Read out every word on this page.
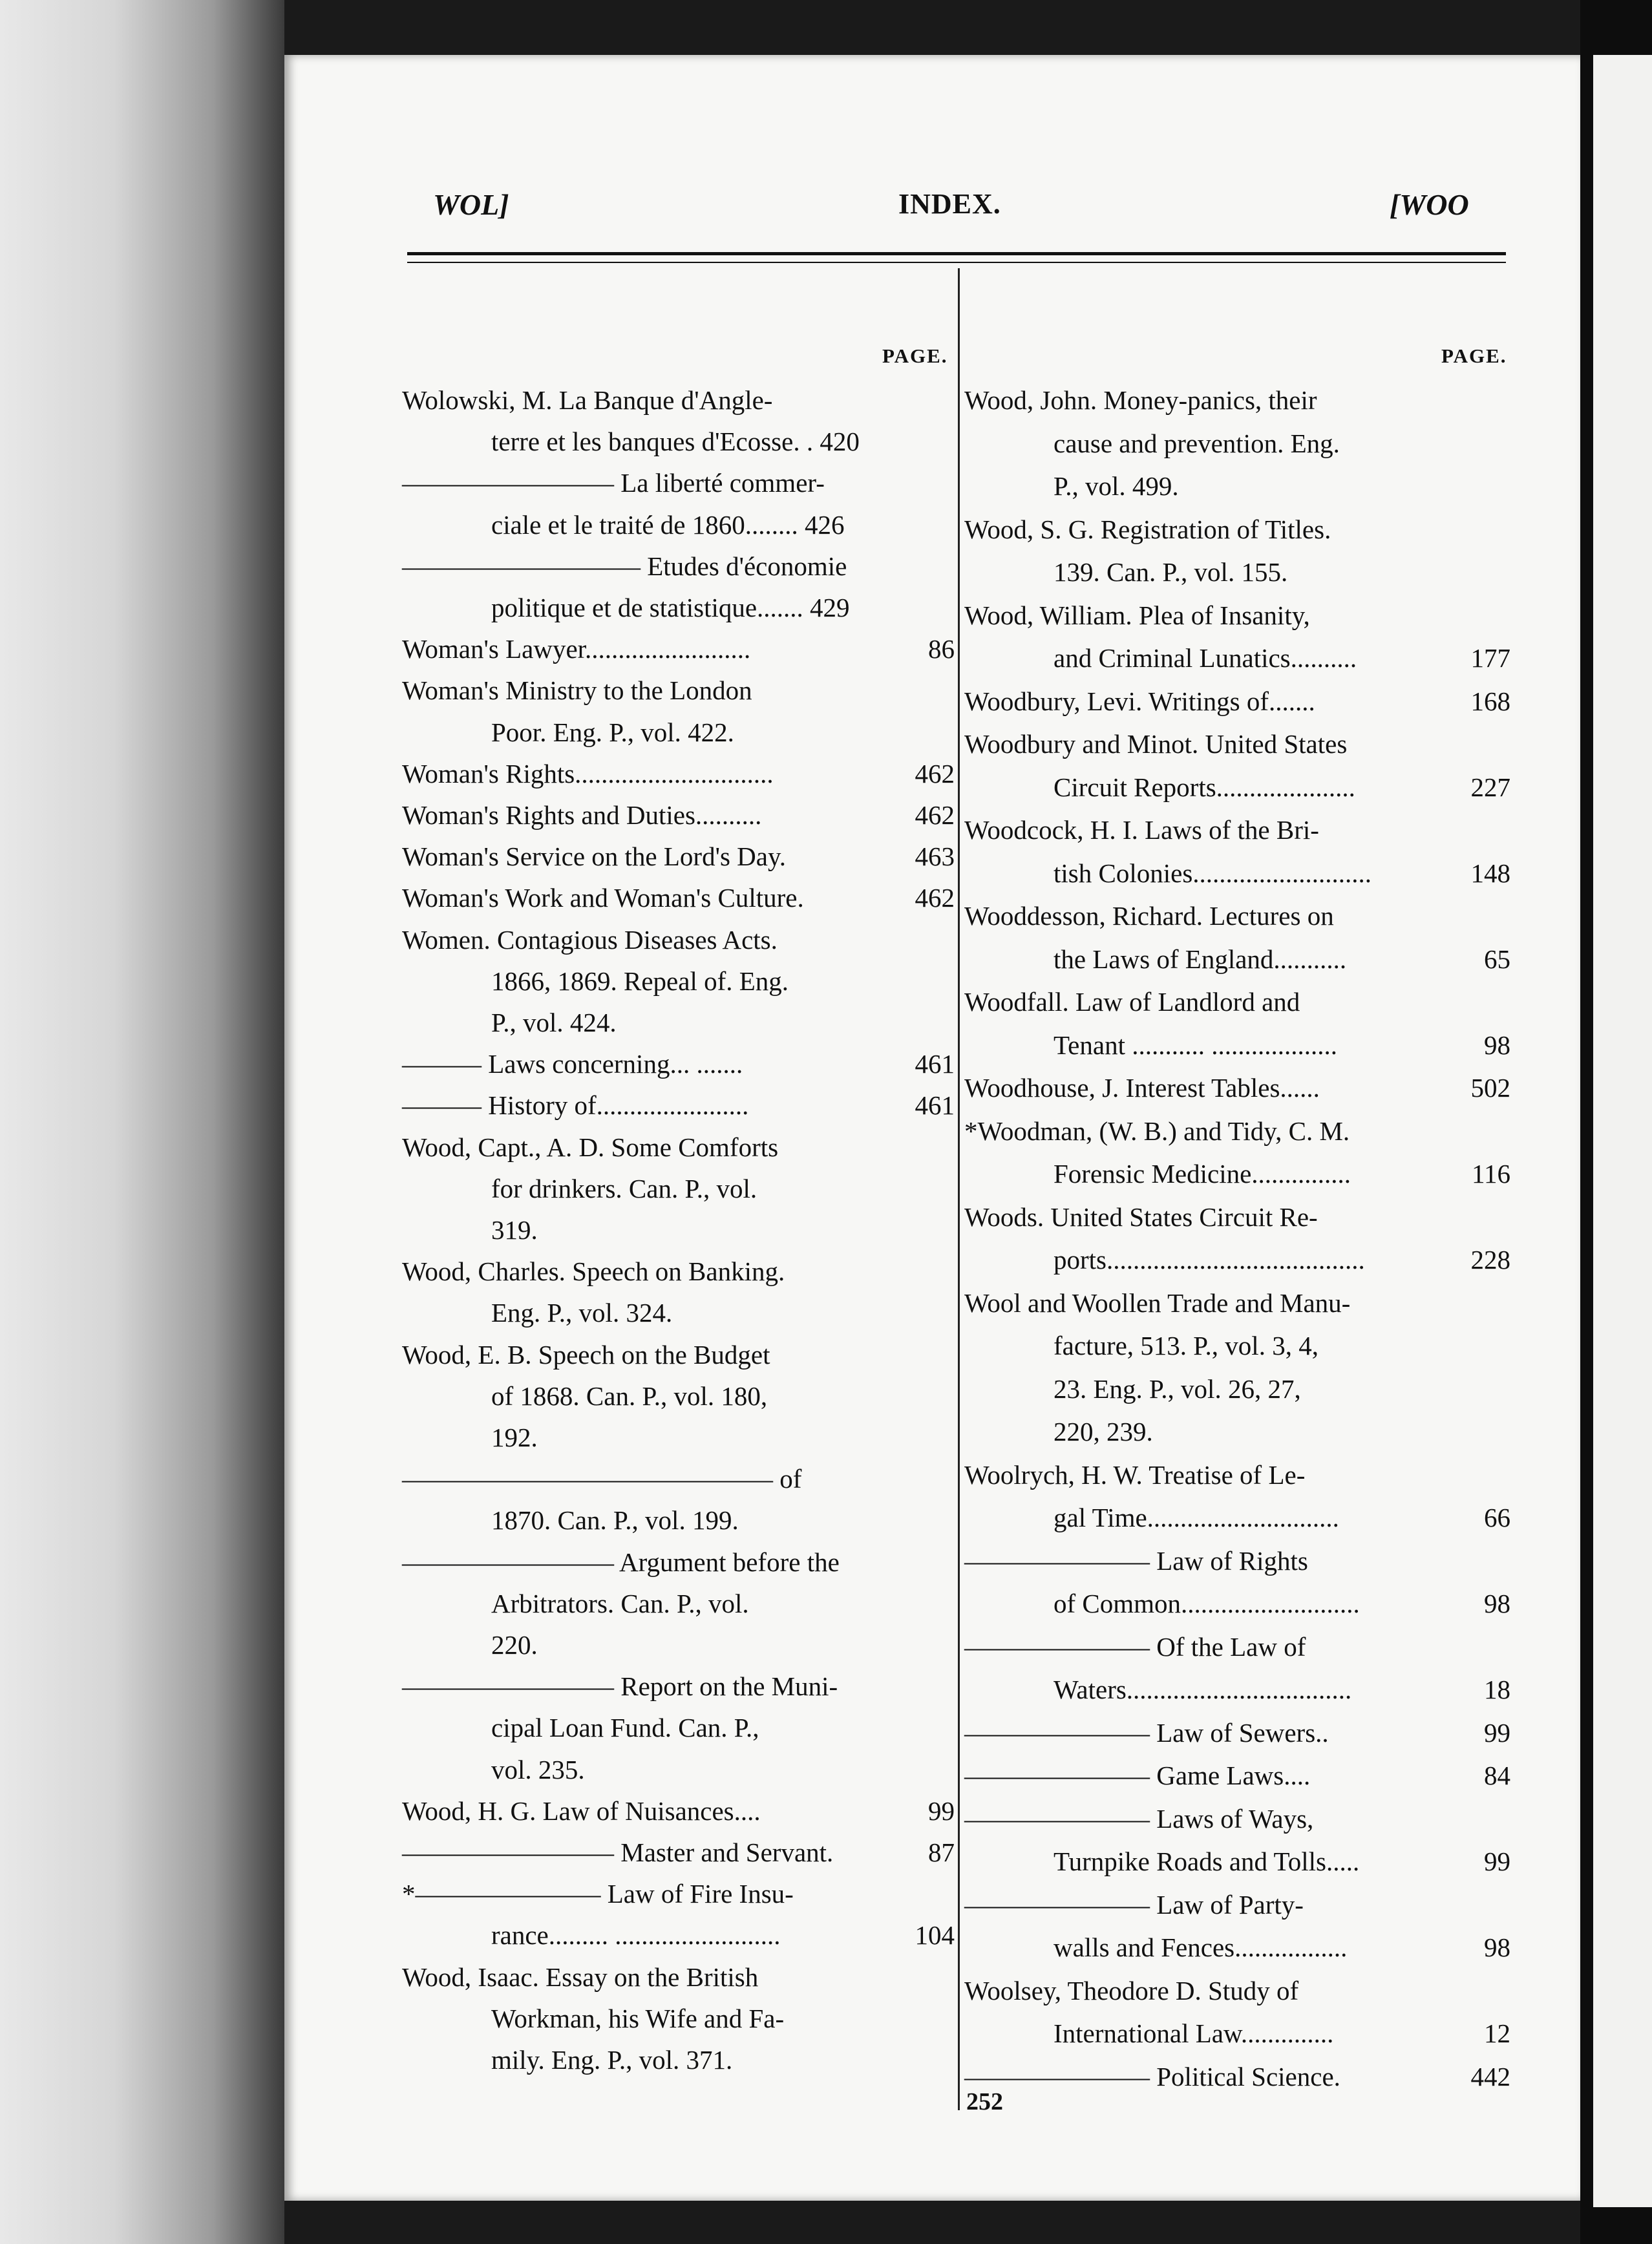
WOL]	INDEX.	[WOO
PAGE.	PAGE.
Wolowski, M. La Banque d'Angle-
terre et les banques d'Ecosse. . 420
———————— La liberté commer-
ciale et le traité de 1860........ 426
————————— Etudes d'économie
politique et de statistique....... 429
Woman's Lawyer.........................	86
Woman's Ministry to the London
Poor. Eng. P., vol. 422.
Woman's Rights..............................	462
Woman's Rights and Duties..........	462
Woman's Service on the Lord's Day.	463
Woman's Work and Woman's Culture.	462
Women. Contagious Diseases Acts.
1866, 1869. Repeal of. Eng.
P., vol. 424.
——— Laws concerning... .......	461
——— History of.......................	461
Wood, Capt., A. D. Some Comforts
for drinkers. Can. P., vol.
319.
Wood, Charles. Speech on Banking.
Eng. P., vol. 324.
Wood, E. B. Speech on the Budget
of 1868. Can. P., vol. 180,
192.
—————————————— of
1870. Can. P., vol. 199.
———————— Argument before the
Arbitrators. Can. P., vol.
220.
———————— Report on the Muni-
cipal Loan Fund. Can. P.,
vol. 235.
Wood, H. G. Law of Nuisances....	99
———————— Master and Servant.	87
*——————— Law of Fire Insu-
rance......... .........................	104
Wood, Isaac. Essay on the British
Workman, his Wife and Fa-
mily. Eng. P., vol. 371.
Wood, John. Money-panics, their
cause and prevention. Eng.
P., vol. 499.
Wood, S. G. Registration of Titles.
139. Can. P., vol. 155.
Wood, William. Plea of Insanity,
and Criminal Lunatics..........	177
Woodbury, Levi. Writings of.......	168
Woodbury and Minot. United States
Circuit Reports.....................	227
Woodcock, H. I. Laws of the Bri-
tish Colonies...........................	148
Wooddesson, Richard. Lectures on
the Laws of England...........	65
Woodfall. Law of Landlord and
Tenant ........... ...................	98
Woodhouse, J. Interest Tables......	502
*Woodman, (W. B.) and Tidy, C. M.
Forensic Medicine...............	116
Woods. United States Circuit Re-
ports.......................................	228
Wool and Woollen Trade and Manu-
facture, 513. P., vol. 3, 4,
23. Eng. P., vol. 26, 27,
220, 239.
Woolrych, H. W. Treatise of Le-
gal Time.............................	66
——————— Law of Rights
of Common...........................	98
——————— Of the Law of
Waters..................................	18
——————— Law of Sewers..	99
——————— Game Laws....	84
——————— Laws of Ways,
Turnpike Roads and Tolls.....	99
——————— Law of Party-
walls and Fences.................	98
Woolsey, Theodore D. Study of
International Law..............	12
——————— Political Science.	442
252
